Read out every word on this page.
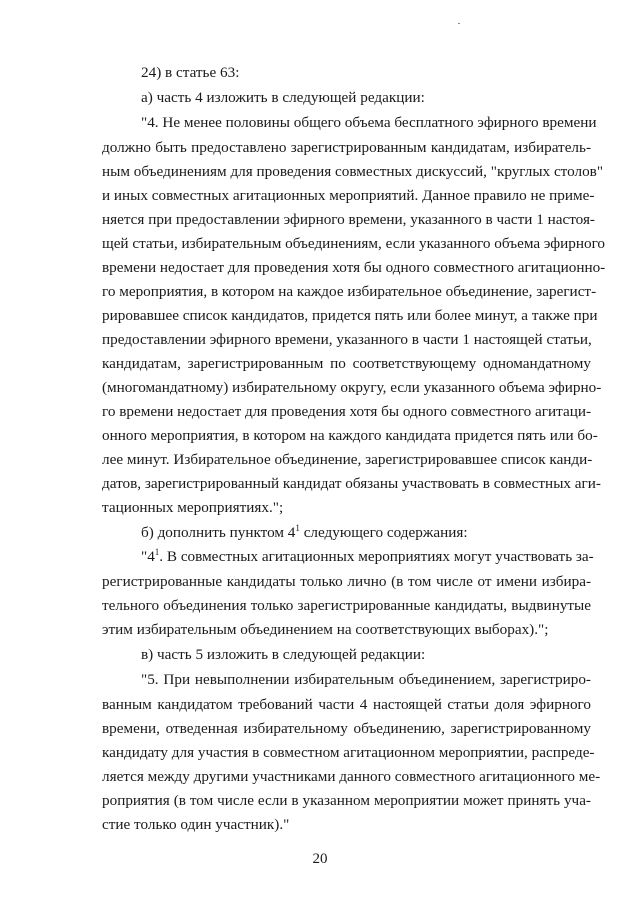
24) в статье 63:
а) часть 4 изложить в следующей редакции:
"4. Не менее половины общего объема бесплатного эфирного времени
должно быть предоставлено зарегистрированным кандидатам, избиратель-
ным объединениям для проведения совместных дискуссий, "круглых столов"
и иных совместных агитационных мероприятий. Данное правило не приме-
няется при предоставлении эфирного времени, указанного в части 1 настоя-
щей статьи, избирательным объединениям, если указанного объема эфирного
времени недостает для проведения хотя бы одного совместного агитационно-
го мероприятия, в котором на каждое избирательное объединение, зарегист-
рировавшее список кандидатов, придется пять или более минут, а также при
предоставлении эфирного времени, указанного в части 1 настоящей статьи,
кандидатам, зарегистрированным по соответствующему одномандатному
(многомандатному) избирательному округу, если указанного объема эфирно-
го времени недостает для проведения хотя бы одного совместного агитаци-
онного мероприятия, в котором на каждого кандидата придется пять или бо-
лее минут. Избирательное объединение, зарегистрировавшее список канди-
датов, зарегистрированный кандидат обязаны участвовать в совместных аги-
тационных мероприятиях.";
б) дополнить пунктом $4^1$ следующего содержания:
"$4^1$. В совместных агитационных мероприятиях могут участвовать за-
регистрированные кандидаты только лично (в том числе от имени избира-
тельного объединения только зарегистрированные кандидаты, выдвинутые
этим избирательным объединением на соответствующих выборах).";
в) часть 5 изложить в следующей редакции:
"5. При невыполнении избирательным объединением, зарегистриро-
ванным кандидатом требований части 4 настоящей статьи доля эфирного
времени, отведенная избирательному объединению, зарегистрированному
кандидату для участия в совместном агитационном мероприятии, распреде-
ляется между другими участниками данного совместного агитационного ме-
роприятия (в том числе если в указанном мероприятии может принять уча-
стие только один участник)."
20
